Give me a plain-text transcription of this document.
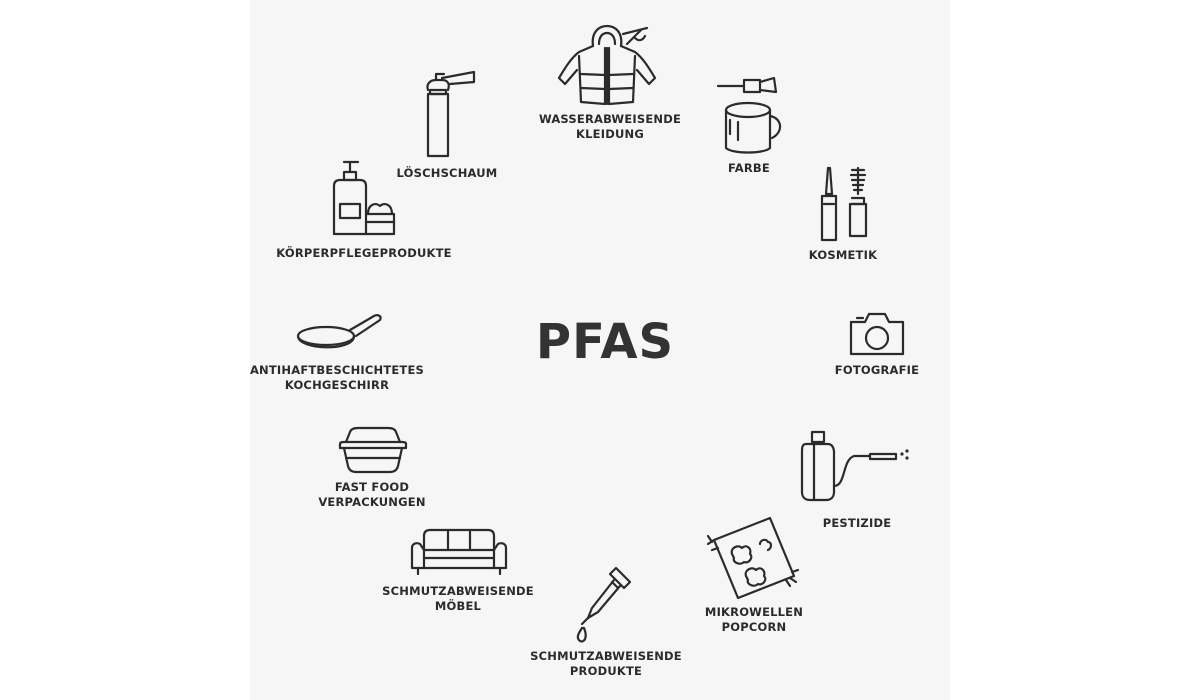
PFAS
WASSERABWEISENDE
KLEIDUNG
FARBE
KOSMETIK
FOTOGRAFIE
PESTIZIDE
MIKROWELLEN
POPCORN
SCHMUTZABWEISENDE
PRODUKTE
SCHMUTZABWEISENDE
MÖBEL
FAST FOOD
VERPACKUNGEN
ANTIHAFTBESCHICHTETES
KOCHGESCHIRR
KÖRPERPFLEGEPRODUKTE
LÖSCHSCHAUM
